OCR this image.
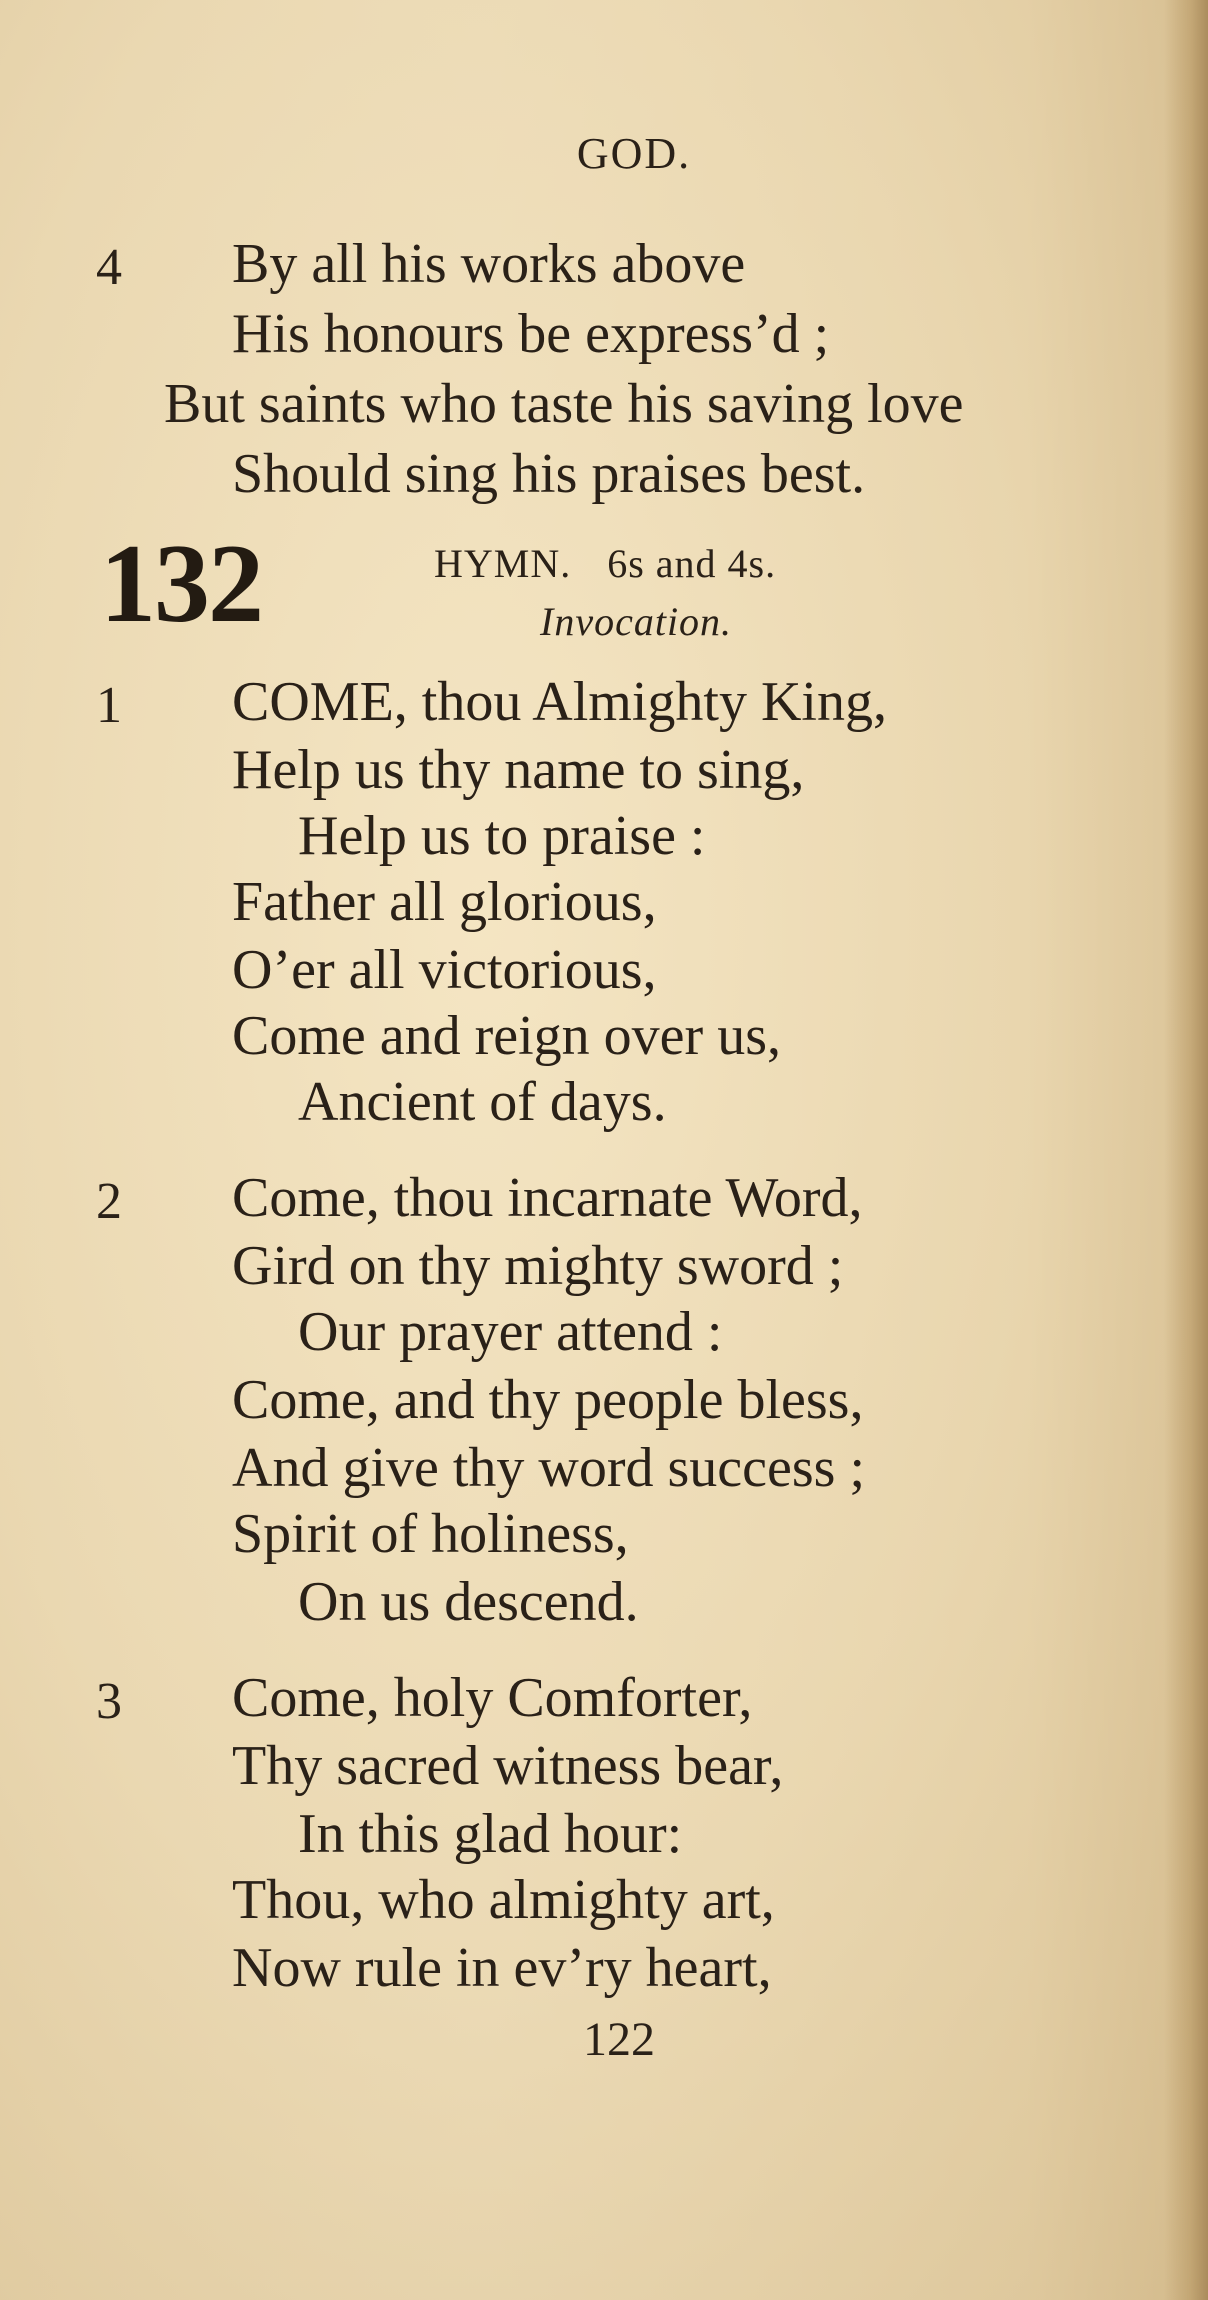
GOD.
4 By all his works above
His honours be express’d ;
But saints who taste his saving love
Should sing his praises best.
132	HYMN. 6s and 4s.
Invocation.
1 COME, thou Almighty King,
Help us thy name to sing,
Help us to praise :
Father all glorious,
O’er all victorious,
Come and reign over us,
Ancient of days.
2 Come, thou incarnate Word,
Gird on thy mighty sword ;
Our prayer attend :
Come, and thy people bless,
And give thy word success ;
Spirit of holiness,
On us descend.
3 Come, holy Comforter,
Thy sacred witness bear,
In this glad hour:
Thou, who almighty art,
Now rule in ev’ry heart,
122
